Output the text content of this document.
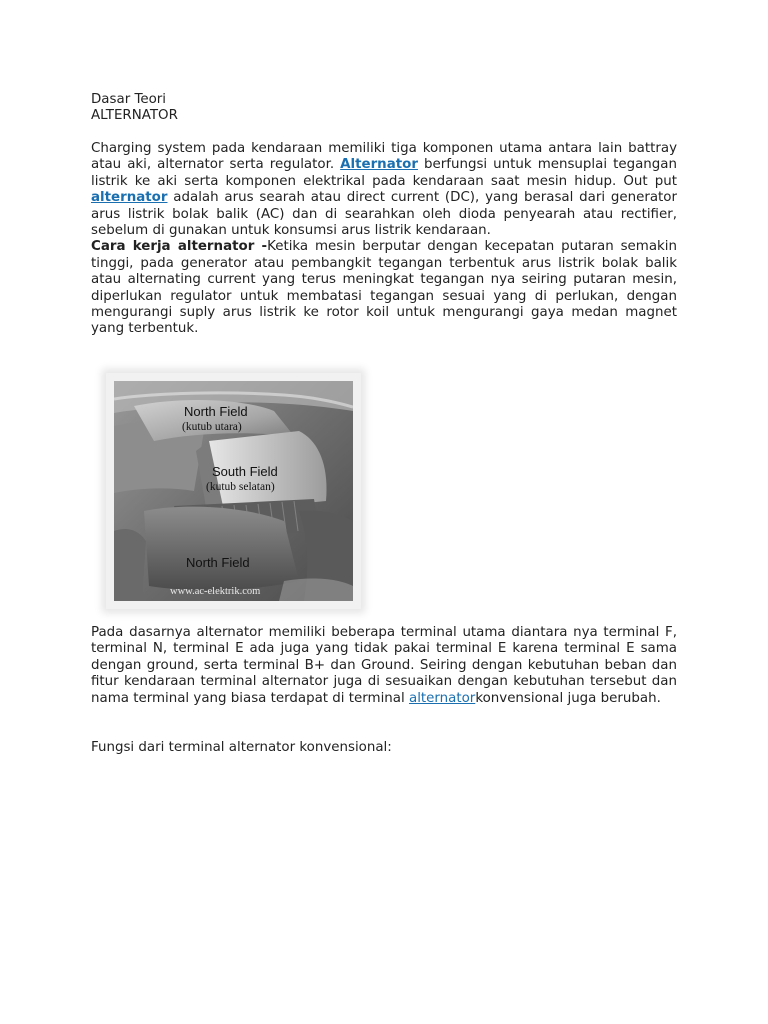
Dasar Teori
ALTERNATOR

Charging system pada kendaraan memiliki tiga komponen utama antara lain battray atau aki, alternator serta regulator. Alternator berfungsi untuk mensuplai tegangan listrik ke aki serta komponen elektrikal pada kendaraan saat mesin hidup. Out put alternator adalah arus searah atau direct current (DC), yang berasal dari generator arus listrik bolak balik (AC) dan di searahkan oleh dioda penyearah atau rectifier, sebelum di gunakan untuk konsumsi arus listrik kendaraan.
Cara kerja alternator -Ketika mesin berputar dengan kecepatan putaran semakin tinggi, pada generator atau pembangkit tegangan terbentuk arus listrik bolak balik atau alternating current yang terus meningkat tegangan nya seiring putaran mesin, diperlukan regulator untuk membatasi tegangan sesuai yang di perlukan, dengan mengurangi suply arus listrik ke rotor koil untuk mengurangi gaya medan magnet yang terbentuk.

North Field
(kutub utara)
South Field
(kutub selatan)
North Field
www.ac-elektrik.com

Pada dasarnya alternator memiliki beberapa terminal utama diantara nya terminal F, terminal N, terminal E ada juga yang tidak pakai terminal E karena terminal E sama dengan ground, serta terminal B+ dan Ground. Seiring dengan kebutuhan beban dan fitur kendaraan terminal alternator juga di sesuaikan dengan kebutuhan tersebut dan nama terminal yang biasa terdapat di terminal alternatorkonvensional juga berubah.

Fungsi dari terminal alternator konvensional:
